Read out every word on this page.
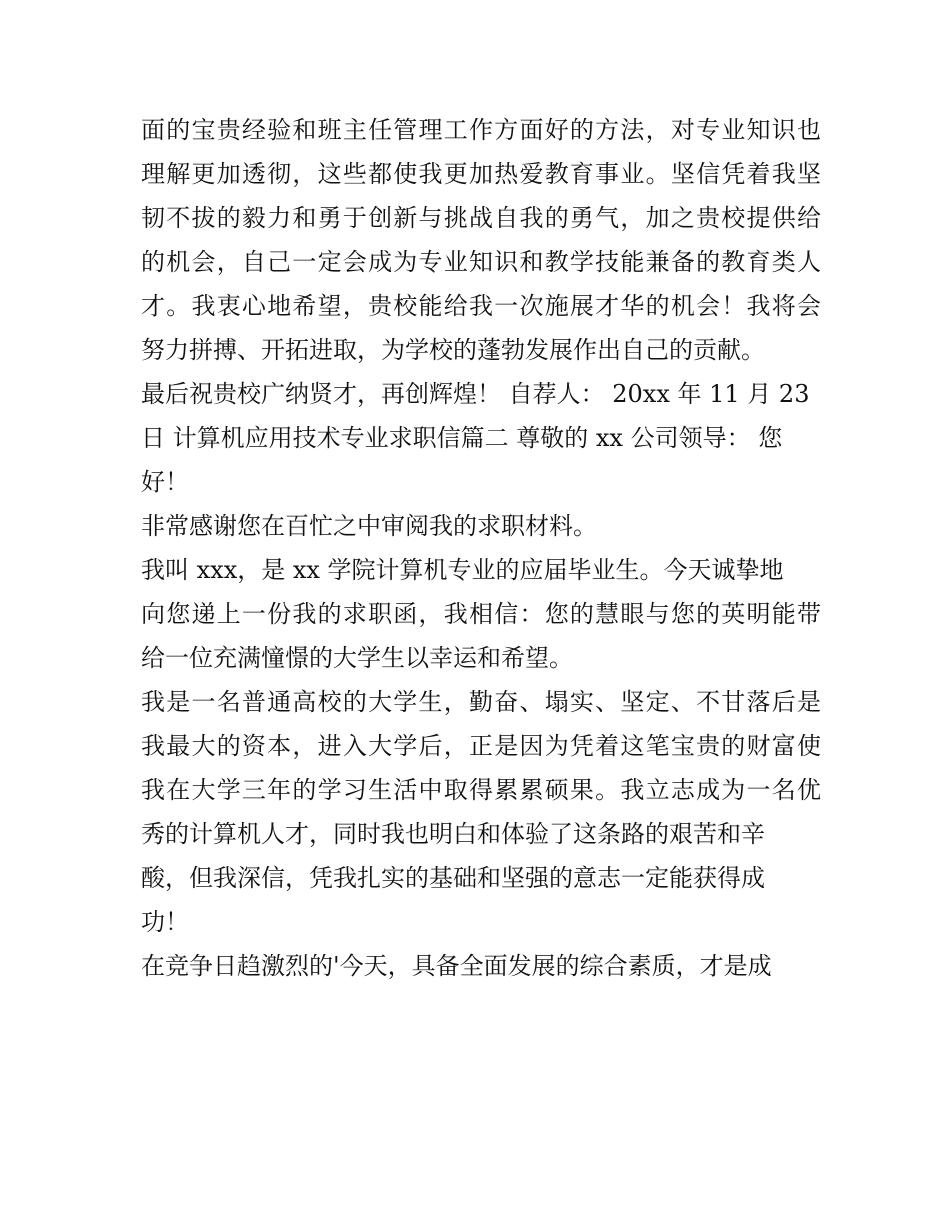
面的宝贵经验和班主任管理工作方面好的方法，对专业知识也
理解更加透彻，这些都使我更加热爱教育事业。坚信凭着我坚
韧不拔的毅力和勇于创新与挑战自我的勇气，加之贵校提供给
的机会，自己一定会成为专业知识和教学技能兼备的教育类人
才。我衷心地希望，贵校能给我一次施展才华的机会！我将会
努力拼搏、开拓进取，为学校的蓬勃发展作出自己的贡献。
最后祝贵校广纳贤才，再创辉煌！ 自荐人： 20xx 年 11 月 23
日 计算机应用技术专业求职信篇二 尊敬的 xx 公司领导： 您
好！
非常感谢您在百忙之中审阅我的求职材料。
我叫 xxx，是 xx 学院计算机专业的应届毕业生。今天诚挚地
向您递上一份我的求职函，我相信：您的慧眼与您的英明能带
给一位充满憧憬的大学生以幸运和希望。
我是一名普通高校的大学生，勤奋、塌实、坚定、不甘落后是
我最大的资本，进入大学后，正是因为凭着这笔宝贵的财富使
我在大学三年的学习生活中取得累累硕果。我立志成为一名优
秀的计算机人才，同时我也明白和体验了这条路的艰苦和辛
酸，但我深信，凭我扎实的基础和坚强的意志一定能获得成
功！
在竞争日趋激烈的'今天，具备全面发展的综合素质，才是成
